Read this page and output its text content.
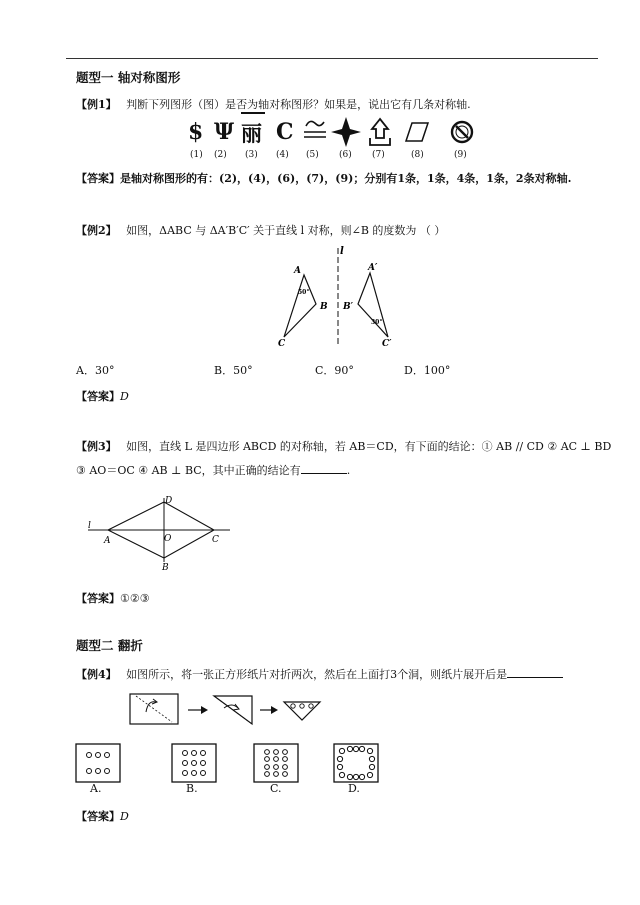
题型一 轴对称图形
【例1】 判断下列图形（图）是否为轴对称图形？如果是，说出它有几条对称轴.
$ Ψ 丽 C
(1) (2) (3) (4) (5) (6) (7)	(8)	(9)
【答案】是轴对称图形的有：(2)，(4)，(6)，(7)，(9)；分别有1条，1条，4条，1条，2条对称轴.
【例2】 如图，ΔABC 与 ΔA′B′C′ 关于直线 l 对称，则∠B 的度数为 （ ）
l
A
B
C
50°
A′
B′
C′
30°
A．30°	B．50°	C．90°	D．100°
【答案】D
【例3】 如图，直线 L 是四边形 ABCD 的对称轴，若 AB＝CD，有下面的结论：① AB // CD ② AC ⊥ BD
③ AO＝OC ④ AB ⊥ BC，其中正确的结论有	.
l
A
D
O	C
B
【答案】①②③
题型二 翻折
【例4】 如图所示，将一张正方形纸片对折两次，然后在上面打3个洞，则纸片展开后是
A.	B.	C.	D.
【答案】D
